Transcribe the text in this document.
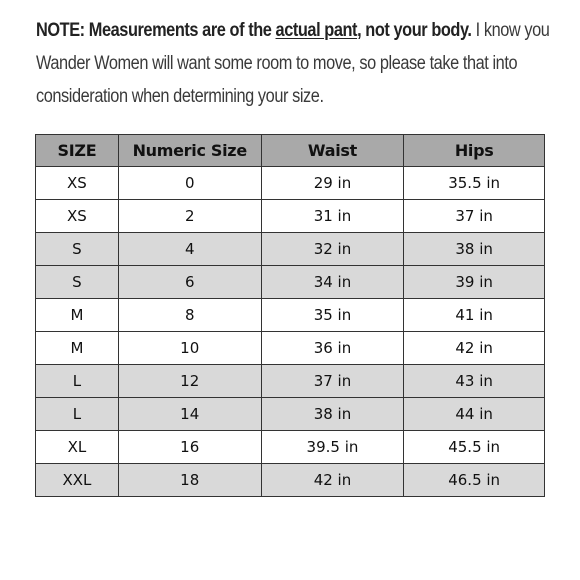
NOTE: Measurements are of the actual pant, not your body. I know you Wander Women will want some room to move, so please take that into consideration when determining your size.
SIZE	Numeric Size	Waist	Hips
XS	0	29 in	35.5 in
XS	2	31 in	37 in
S	4	32 in	38 in
S	6	34 in	39 in
M	8	35 in	41 in
M	10	36 in	42 in
L	12	37 in	43 in
L	14	38 in	44 in
XL	16	39.5 in	45.5 in
XXL	18	42 in	46.5 in
